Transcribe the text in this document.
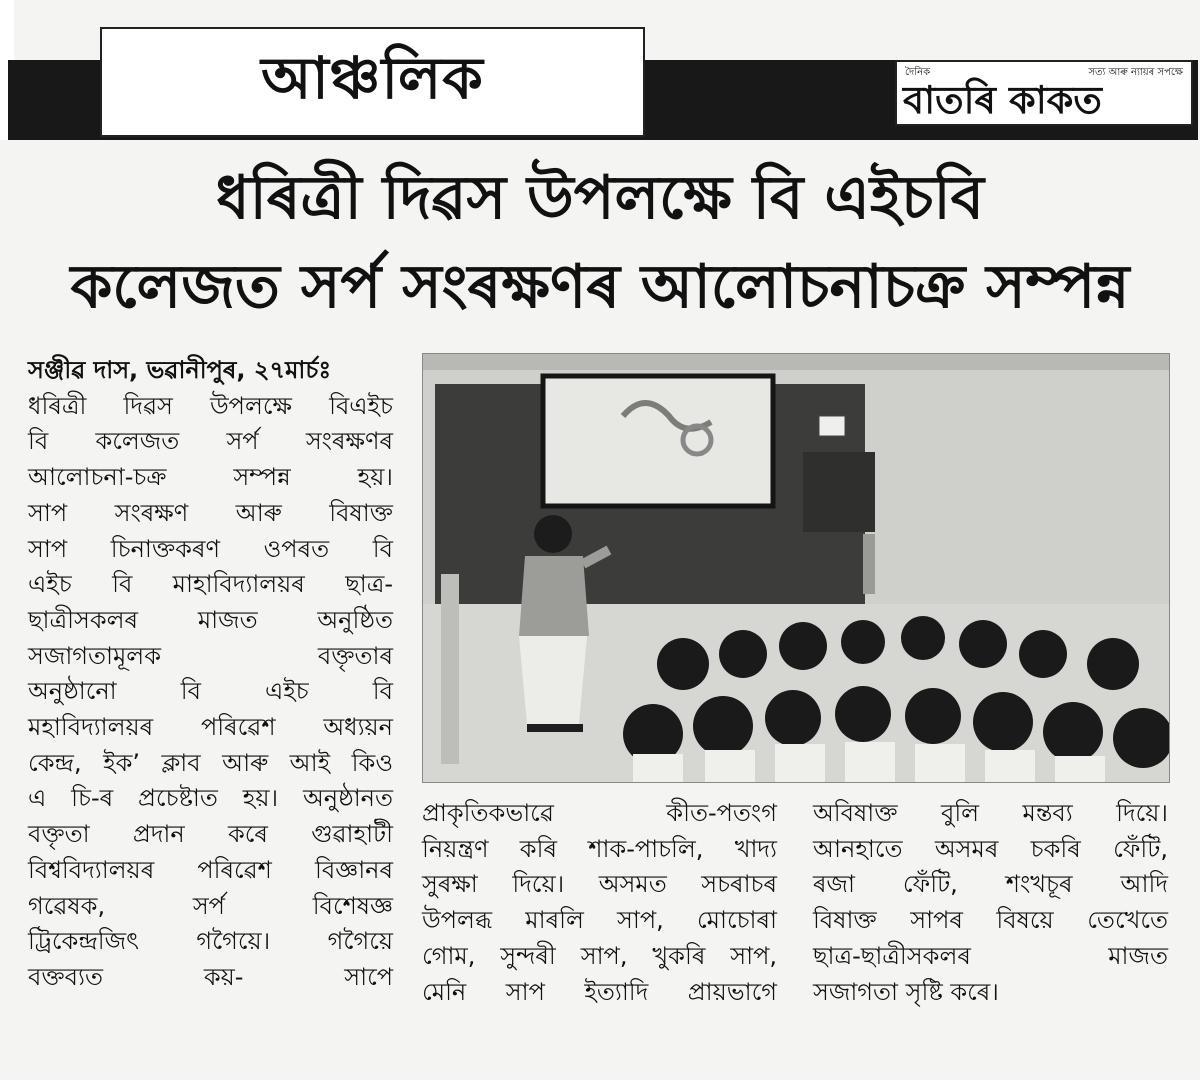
আঞ্চলিক	দৈনিক	সত্য আৰু ন্যায়ৰ সপক্ষে
বাতৰি কাকত
ধৰিত্ৰী দিৱস উপলক্ষে বি এইচবি
কলেজত সৰ্প সংৰক্ষণৰ আলোচনাচক্ৰ সম্পন্ন

সঞ্জীৱ দাস, ভৱানীপুৰ, ২৭মাৰ্চঃ

ধৰিত্ৰী দিৱস উপলক্ষে বিএইচ

বি কলেজত সৰ্প সংৰক্ষণৰ

আলোচনা-চক্ৰ সম্পন্ন হয়।

সাপ সংৰক্ষণ আৰু বিষাক্ত

সাপ চিনাক্তকৰণ ওপৰত বি

এইচ বি মাহাবিদ্যালয়ৰ ছাত্ৰ-

ছাত্ৰীসকলৰ মাজত অনুষ্ঠিত

সজাগতামূলক বক্তৃতাৰ

অনুষ্ঠানো বি এইচ বি

মহাবিদ্যালয়ৰ পৰিৱেশ অধ্যয়ন

কেন্দ্ৰ, ইক’ ক্লাব আৰু আই কিও

এ চি-ৰ প্ৰচেষ্টাত হয়। অনুষ্ঠানত

বক্তৃতা প্ৰদান কৰে গুৱাহাটী

বিশ্ববিদ্যালয়ৰ পৰিৱেশ বিজ্ঞানৰ

গৱেষক, সৰ্প বিশেষজ্ঞ

ট্ৰিকেন্দ্ৰজিৎ গগৈয়ে। গগৈয়ে

বক্তব্যত কয়- সাপে

প্ৰাকৃতিকভাৱে কীত-পতংগ

নিয়ন্ত্ৰণ কৰি শাক-পাচলি, খাদ্য

সুৰক্ষা দিয়ে। অসমত সচৰাচৰ

উপলব্ধ মাৰলি সাপ, মোচোৰা

গোম, সুন্দৰী সাপ, খুকৰি সাপ,

মেনি সাপ ইত্যাদি প্ৰায়ভাগে

অবিষাক্ত বুলি মন্তব্য দিয়ে।

আনহাতে অসমৰ চকৰি ফেঁটি,

ৰজা ফেঁটি, শংখচূৰ আদি

বিষাক্ত সাপৰ বিষয়ে তেখেতে

ছাত্ৰ-ছাত্ৰীসকলৰ মাজত

সজাগতা সৃষ্টি কৰে।
